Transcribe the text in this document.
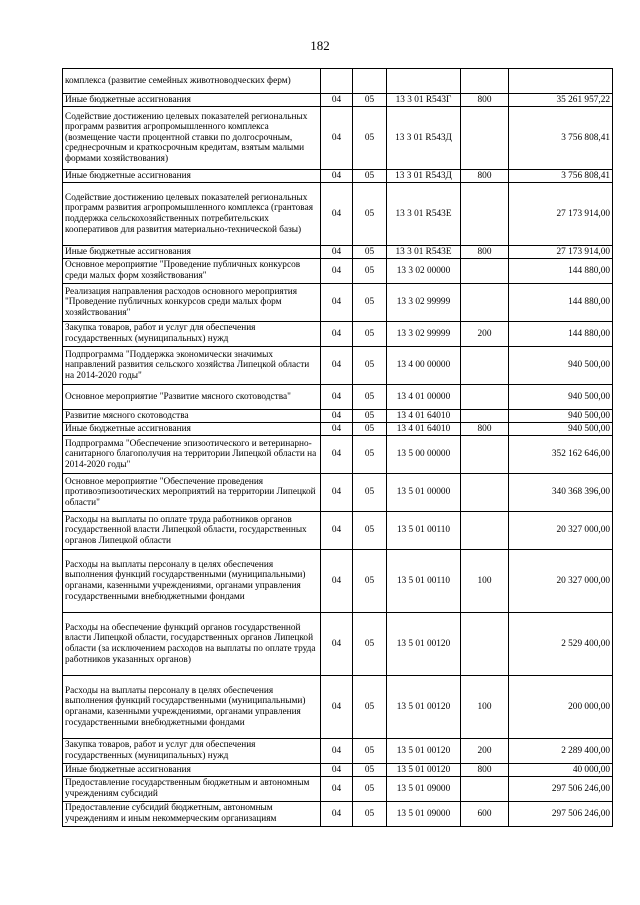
182
комплекса (развитие семейных животноводческих ферм)					
Иные бюджетные ассигнования	04	05	13 3 01 R543Г	800	35 261 957,22
Содействие достижению целевых показателей региональных программ развития агропромышленного комплекса (возмещение части процентной ставки по долгосрочным, среднесрочным и краткосрочным кредитам, взятым малыми формами хозяйствования)	04	05	13 3 01 R543Д		3 756 808,41
Иные бюджетные ассигнования	04	05	13 3 01 R543Д	800	3 756 808,41
Содействие достижению целевых показателей региональных программ развития агропромышленного комплекса (грантовая поддержка сельскохозяйственных потребительских кооперативов для развития материально-технической базы)	04	05	13 3 01 R543Е		27 173 914,00
Иные бюджетные ассигнования	04	05	13 3 01 R543Е	800	27 173 914,00
Основное мероприятие "Проведение публичных конкурсов среди малых форм хозяйствования"	04	05	13 3 02 00000		144 880,00
Реализация направления расходов основного мероприятия "Проведение публичных конкурсов среди малых форм хозяйствования"	04	05	13 3 02 99999		144 880,00
Закупка товаров, работ и услуг для обеспечения государственных (муниципальных) нужд	04	05	13 3 02 99999	200	144 880,00
Подпрограмма "Поддержка экономически значимых направлений развития сельского хозяйства Липецкой области на 2014-2020 годы"	04	05	13 4 00 00000		940 500,00
Основное мероприятие "Развитие мясного скотоводства"	04	05	13 4 01 00000		940 500,00
Развитие мясного скотоводства	04	05	13 4 01 64010		940 500,00
Иные бюджетные ассигнования	04	05	13 4 01 64010	800	940 500,00
Подпрограмма "Обеспечение эпизоотического и ветеринарно-санитарного благополучия на территории Липецкой области на 2014-2020 годы"	04	05	13 5 00 00000		352 162 646,00
Основное мероприятие "Обеспечение проведения противоэпизоотических мероприятий на территории Липецкой области"	04	05	13 5 01 00000		340 368 396,00
Расходы на выплаты по оплате труда работников органов государственной власти Липецкой области, государственных органов Липецкой области	04	05	13 5 01 00110		20 327 000,00
Расходы на выплаты персоналу в целях обеспечения выполнения функций государственными (муниципальными) органами, казенными учреждениями, органами управления государственными внебюджетными фондами	04	05	13 5 01 00110	100	20 327 000,00
Расходы на обеспечение функций органов государственной власти Липецкой области, государственных органов Липецкой области (за исключением расходов на выплаты по оплате труда работников указанных органов)	04	05	13 5 01 00120		2 529 400,00
Расходы на выплаты персоналу в целях обеспечения выполнения функций государственными (муниципальными) органами, казенными учреждениями, органами управления государственными внебюджетными фондами	04	05	13 5 01 00120	100	200 000,00
Закупка товаров, работ и услуг для обеспечения государственных (муниципальных) нужд	04	05	13 5 01 00120	200	2 289 400,00
Иные бюджетные ассигнования	04	05	13 5 01 00120	800	40 000,00
Предоставление государственным бюджетным и автономным учреждениям субсидий	04	05	13 5 01 09000		297 506 246,00
Предоставление субсидий бюджетным, автономным учреждениям и иным некоммерческим организациям	04	05	13 5 01 09000	600	297 506 246,00
